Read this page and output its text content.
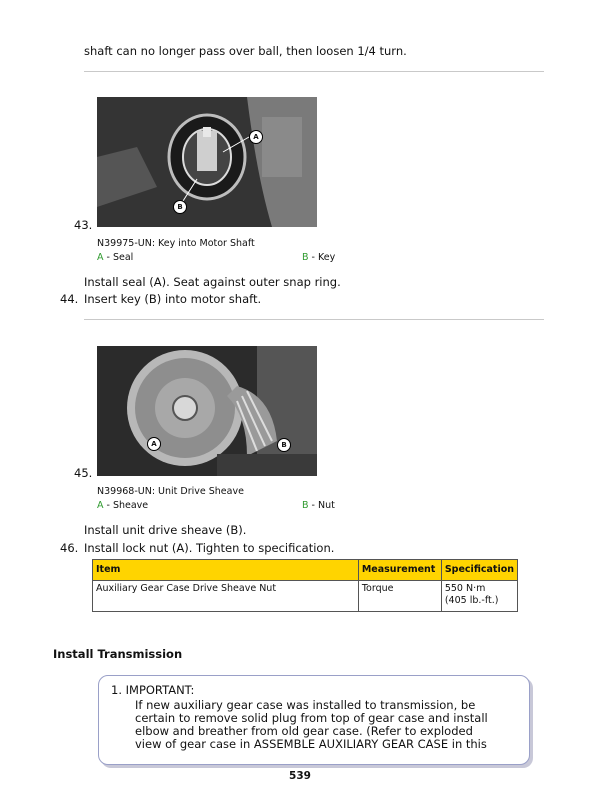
shaft can no longer pass over ball, then loosen 1/4 turn.
A
B
43.
N39975-UN: Key into Motor Shaft
A - Seal	B - Key
Install seal (A). Seat against outer snap ring.
44. Insert key (B) into motor shaft.
A	B
45.
N39968-UN: Unit Drive Sheave
A - Sheave	B - Nut
Install unit drive sheave (B).
46. Install lock nut (A). Tighten to specification.
Item	Measurement	Specification
Auxiliary Gear Case Drive Sheave Nut	Torque	550 N·m
(405 lb.-ft.)
Install Transmission
1. IMPORTANT:
If new auxiliary gear case was installed to transmission, be
certain to remove solid plug from top of gear case and install
elbow and breather from old gear case. (Refer to exploded
view of gear case in ASSEMBLE AUXILIARY GEAR CASE in this
539
